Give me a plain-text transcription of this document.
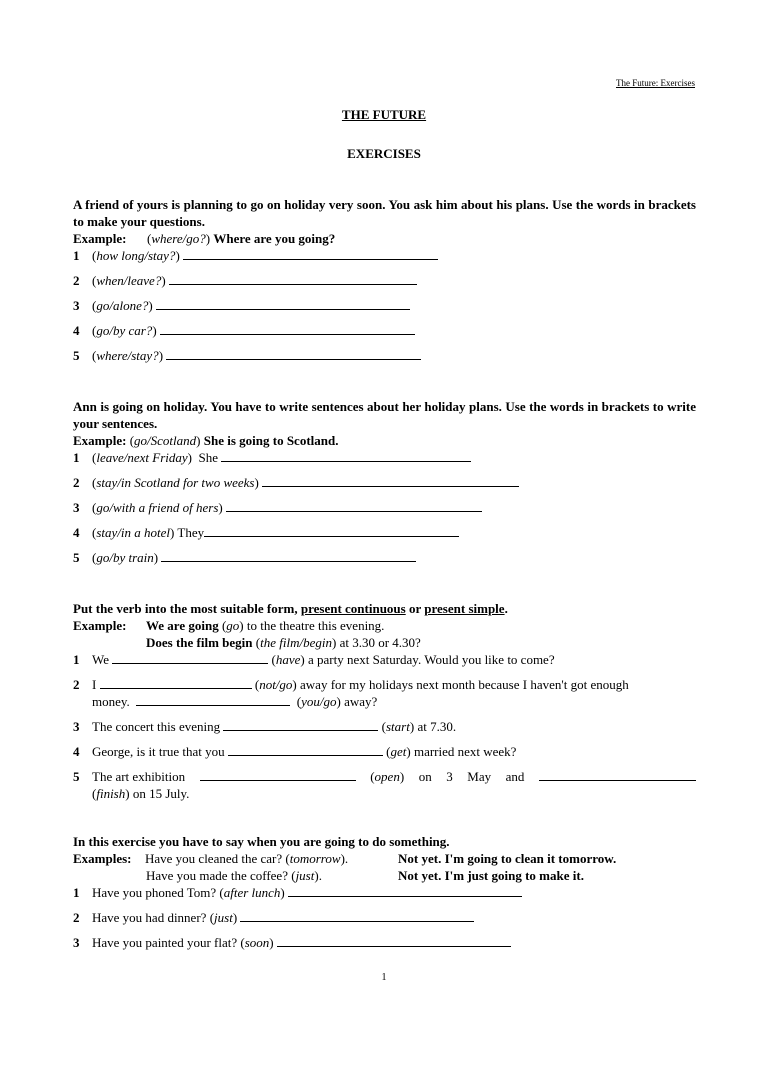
The Future: Exercises
THE FUTURE
EXERCISES
A friend of yours is planning to go on holiday very soon. You ask him about his plans. Use the words in brackets to make your questions.
Example: (where/go?) Where are you going?
1 (how long/stay?)
2 (when/leave?)
3 (go/alone?)
4 (go/by car?)
5 (where/stay?)
Ann is going on holiday. You have to write sentences about her holiday plans. Use the words in brackets to write your sentences.
Example: (go/Scotland) She is going to Scotland.
1 (leave/next Friday)  She
2 (stay/in Scotland for two weeks)
3 (go/with a friend of hers)
4 (stay/in a hotel) They
5 (go/by train)
Put the verb into the most suitable form, present continuous or present simple.
Example: We are going (go) to the theatre this evening.
Does the film begin (the film/begin) at 3.30 or 4.30?
1 We	(have) a party next Saturday. Would you like to come?
2 I	(not/go) away for my holidays next month because I haven't got enough
money.	(you/go) away?
3 The concert this evening	(start) at 7.30.
4 George, is it true that you	(get) married next week?
5 The art exhibition	(open) on 3 May and
(finish) on 15 July.
In this exercise you have to say when you are going to do something.
Examples: Have you cleaned the car? (tomorrow).	Not yet. I'm going to clean it tomorrow.
Have you made the coffee? (just).	Not yet. I'm just going to make it.
1 Have you phoned Tom? (after lunch)
2 Have you had dinner? (just)
3 Have you painted your flat? (soon)
1
